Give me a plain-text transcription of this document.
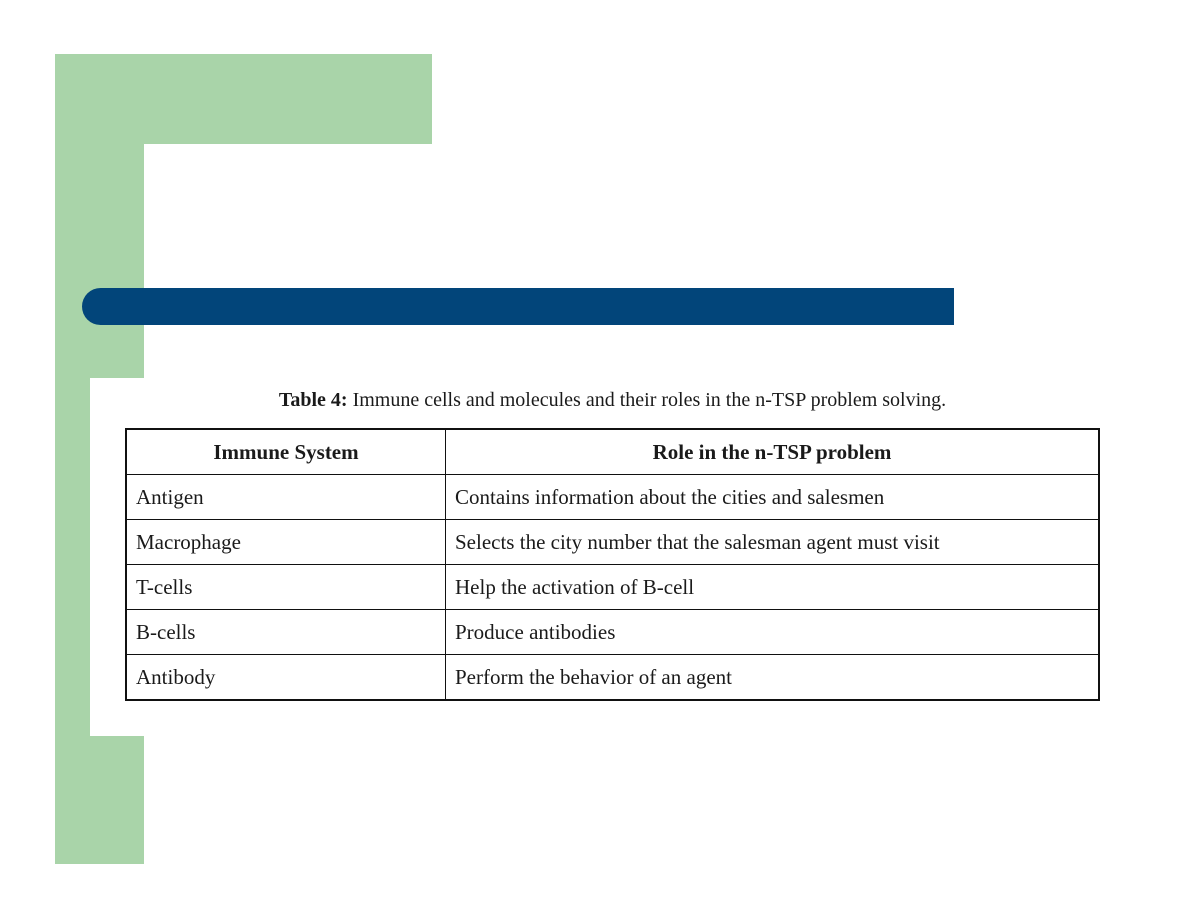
Table 4: Immune cells and molecules and their roles in the n-TSP problem solving.
Immune System	Role in the n-TSP problem
Antigen	Contains information about the cities and salesmen
Macrophage	Selects the city number that the salesman agent must visit
T-cells	Help the activation of B-cell
B-cells	Produce antibodies
Antibody	Perform the behavior of an agent
